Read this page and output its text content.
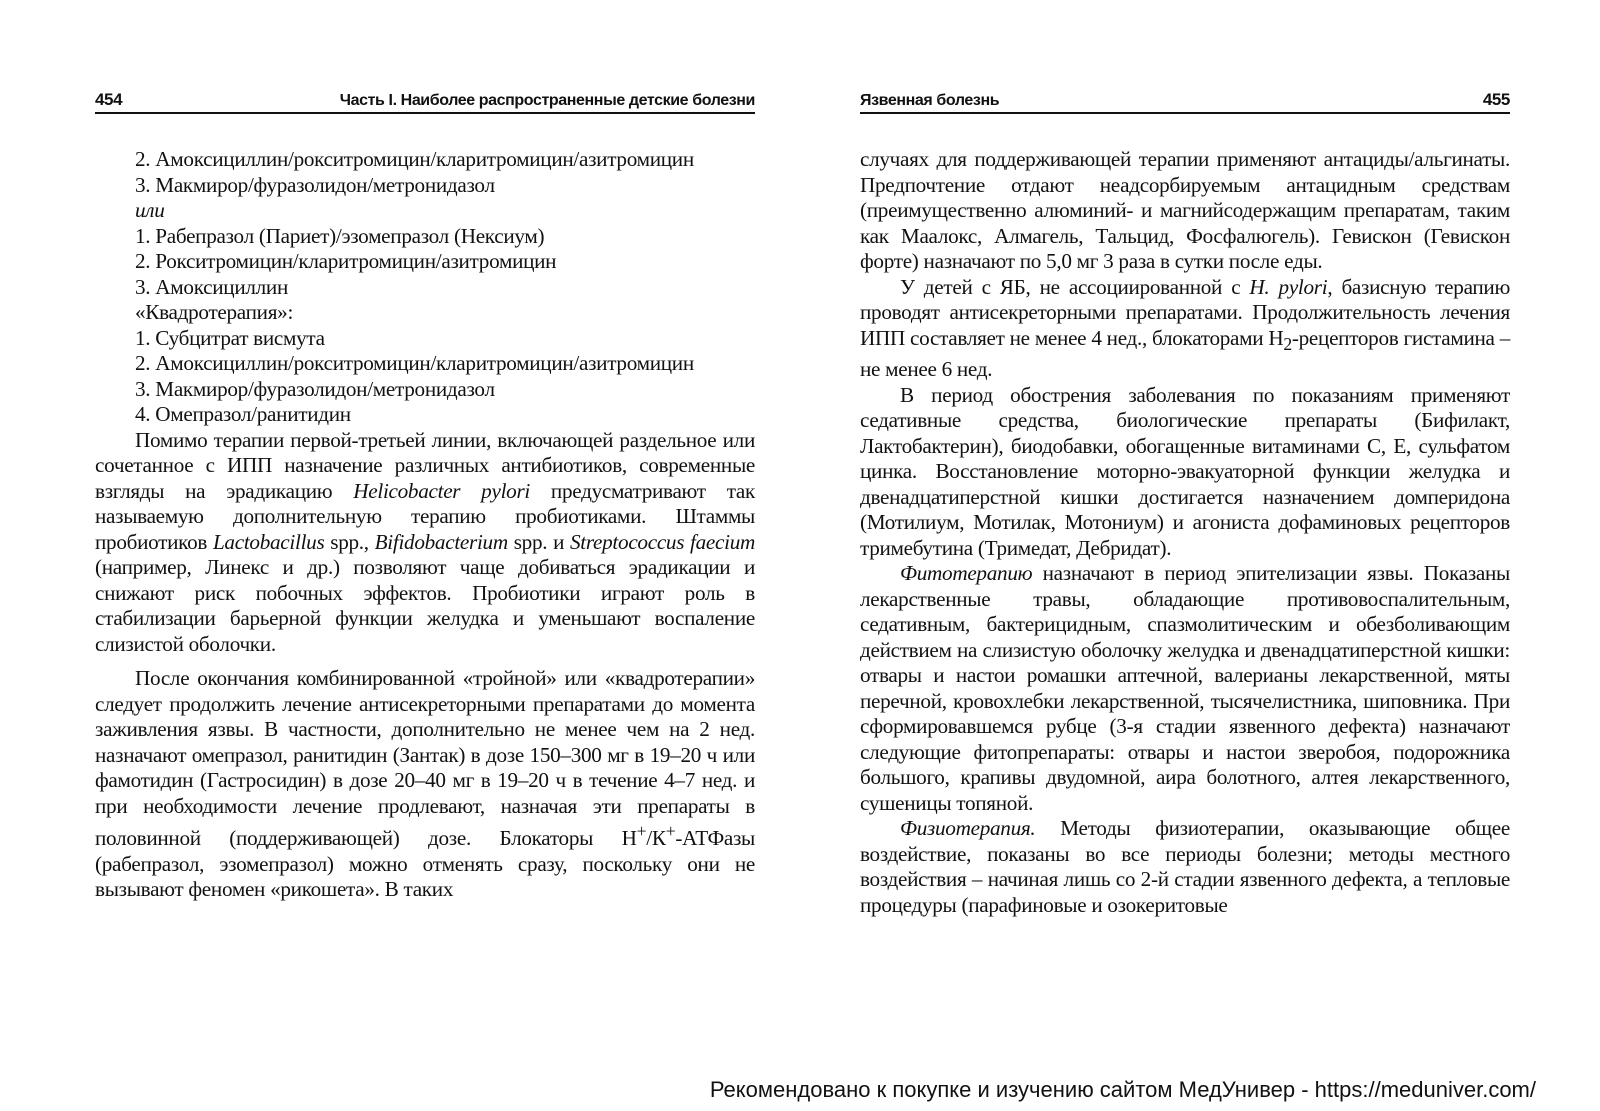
454	Часть I. Наиболее распространенные детские болезни

2. Амоксициллин/рокситромицин/кларитромицин/азитромицин

3. Макмирор/фуразолидон/метронидазол

или

1. Рабепразол (Париет)/эзомепразол (Нексиум)

2. Рокситромицин/кларитромицин/азитромицин

3. Амоксициллин

«Квадротерапия»:

1. Субцитрат висмута

2. Амоксициллин/рокситромицин/кларитромицин/азитромицин

3. Макмирор/фуразолидон/метронидазол

4. Омепразол/ранитидин

Помимо терапии первой-третьей линии, включающей раздельное или сочетанное с ИПП назначение различных антибиотиков, современные взгляды на эрадикацию Helicobacter pylori предусматривают так называемую дополнительную терапию пробиотиками. Штаммы пробиотиков Lactobacillus spp., Bifidobacterium spp. и Streptococcus faecium (например, Линекс и др.) позволяют чаще добиваться эрадикации и снижают риск побочных эффектов. Пробиотики играют роль в стабилизации барьерной функции желудка и уменьшают воспаление слизистой оболочки.

После окончания комбинированной «тройной» или «квадротерапии» следует продолжить лечение антисекреторными препаратами до момента заживления язвы. В частности, дополнительно не менее чем на 2 нед. назначают омепразол, ранитидин (Зантак) в дозе 150–300 мг в 19–20 ч или фамотидин (Гастросидин) в дозе 20–40 мг в 19–20 ч в течение 4–7 нед. и при необходимости лечение продлевают, назначая эти препараты в половинной (поддерживающей) дозе. Блокаторы Н+/К+-АТФазы (рабепразол, эзомепразол) можно отменять сразу, поскольку они не вызывают феномен «рикошета». В таких

Язвенная болезнь	455

случаях для поддерживающей терапии применяют антациды/альгинаты. Предпочтение отдают неадсорбируемым антацидным средствам (преимущественно алюминий- и магнийсодержащим препаратам, таким как Маалокс, Алмагель, Тальцид, Фосфалюгель). Гевискон (Гевискон форте) назначают по 5,0 мг 3 раза в сутки после еды.

У детей с ЯБ, не ассоциированной с H. pylori, базисную терапию проводят антисекреторными препаратами. Продолжительность лечения ИПП составляет не менее 4 нед., блокаторами $Н_2$-рецепторов гистамина – не менее 6 нед.

В период обострения заболевания по показаниям применяют седативные средства, биологические препараты (Бифилакт, Лактобактерин), биодобавки, обогащенные витаминами С, Е, сульфатом цинка. Восстановление моторно-эвакуаторной функции желудка и двенадцатиперстной кишки достигается назначением домперидона (Мотилиум, Мотилак, Мотониум) и агониста дофаминовых рецепторов тримебутина (Тримедат, Дебридат).

Фитотерапию назначают в период эпителизации язвы. Показаны лекарственные травы, обладающие противовоспалительным, седативным, бактерицидным, спазмолитическим и обезболивающим действием на слизистую оболочку желудка и двенадцатиперстной кишки: отвары и настои ромашки аптечной, валерианы лекарственной, мяты перечной, кровохлебки лекарственной, тысячелистника, шиповника. При сформировавшемся рубце (3-я стадии язвенного дефекта) назначают следующие фитопрепараты: отвары и настои зверобоя, подорожника большого, крапивы двудомной, аира болотного, алтея лекарственного, сушеницы топяной.

Физиотерапия. Методы физиотерапии, оказывающие общее воздействие, показаны во все периоды болезни; методы местного воздействия – начиная лишь со 2-й стадии язвенного дефекта, а тепловые процедуры (парафиновые и озокеритовые

Рекомендовано к покупке и изучению сайтом МедУнивер - https://meduniver.com/
